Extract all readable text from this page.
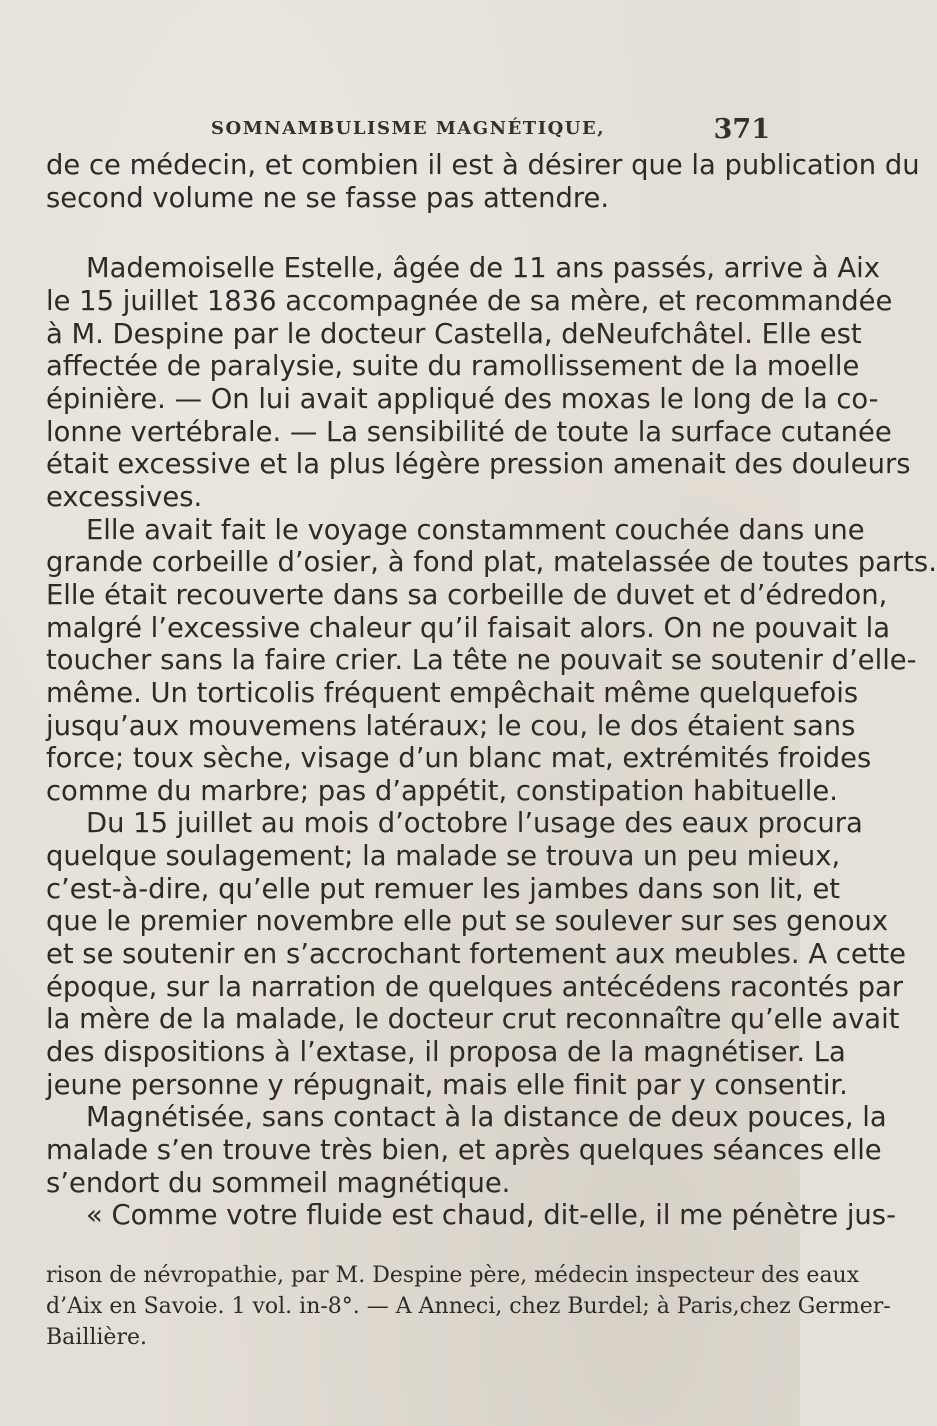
SOMNAMBULISME MAGNÉTIQUE,	371

de ce médecin, et combien il est à désirer que la publication du

second volume ne se fasse pas attendre.

Mademoiselle Estelle, âgée de 11 ans passés, arrive à Aix

le 15 juillet 1836 accompagnée de sa mère, et recommandée

à M. Despine par le docteur Castella, deNeufchâtel. Elle est

affectée de paralysie, suite du ramollissement de la moelle

épinière. — On lui avait appliqué des moxas le long de la co-

lonne vertébrale. — La sensibilité de toute la surface cutanée

était excessive et la plus légère pression amenait des douleurs

excessives.

Elle avait fait le voyage constamment couchée dans une

grande corbeille d’osier, à fond plat, matelassée de toutes parts.

Elle était recouverte dans sa corbeille de duvet et d’édredon,

malgré l’excessive chaleur qu’il faisait alors. On ne pouvait la

toucher sans la faire crier. La tête ne pouvait se soutenir d’elle-

même. Un torticolis fréquent empêchait même quelquefois

jusqu’aux mouvemens latéraux; le cou, le dos étaient sans

force; toux sèche, visage d’un blanc mat, extrémités froides

comme du marbre; pas d’appétit, constipation habituelle.

Du 15 juillet au mois d’octobre l’usage des eaux procura

quelque soulagement; la malade se trouva un peu mieux,

c’est-à-dire, qu’elle put remuer les jambes dans son lit, et

que le premier novembre elle put se soulever sur ses genoux

et se soutenir en s’accrochant fortement aux meubles. A cette

époque, sur la narration de quelques antécédens racontés par

la mère de la malade, le docteur crut reconnaître qu’elle avait

des dispositions à l’extase, il proposa de la magnétiser. La

jeune personne y répugnait, mais elle finit par y consentir.

Magnétisée, sans contact à la distance de deux pouces, la

malade s’en trouve très bien, et après quelques séances elle

s’endort du sommeil magnétique.

« Comme votre fluide est chaud, dit-elle, il me pénètre jus-

rison de névropathie, par M. Despine père, médecin inspecteur des eaux

d’Aix en Savoie. 1 vol. in-8°. — A Anneci, chez Burdel; à Paris,chez Germer-

Baillière.
